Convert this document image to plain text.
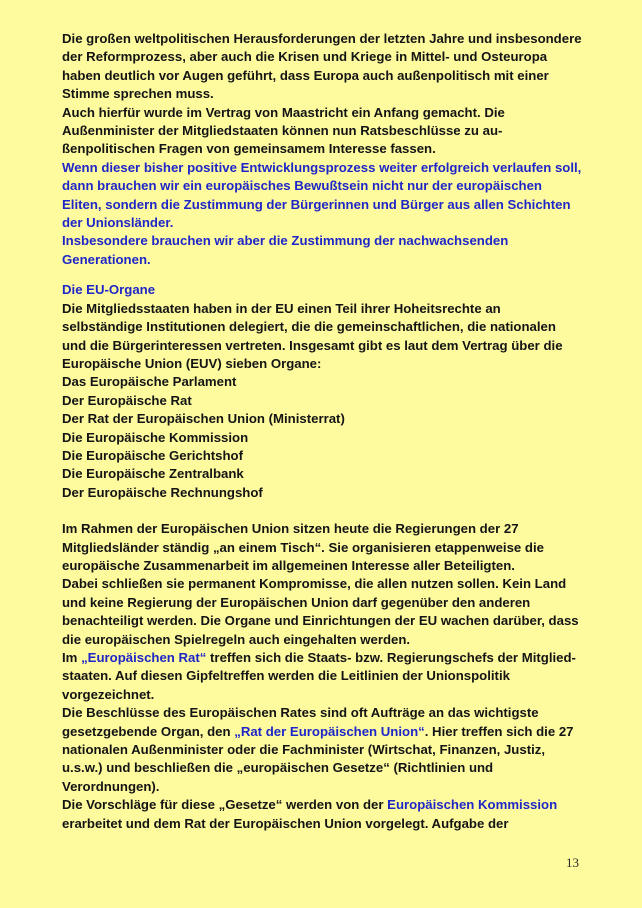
Die großen weltpolitischen Herausforderungen der letzten Jahre und insbesondere
der Reformprozess, aber auch die Krisen und Kriege in Mittel- und Osteuropa
haben deutlich vor Augen geführt, dass Europa auch außenpolitisch mit einer
Stimme sprechen muss.
Auch hierfür wurde im Vertrag von Maastricht ein Anfang gemacht. Die
Außenminister der Mitgliedstaaten können nun Ratsbeschlüsse zu au-
ßenpolitischen Fragen von gemeinsamem Interesse fassen.
Wenn dieser bisher positive Entwicklungsprozess weiter erfolgreich verlaufen soll,
dann brauchen wir ein europäisches Bewußtsein nicht nur der europäischen
Eliten, sondern die Zustimmung der Bürgerinnen und Bürger aus allen Schichten
der Unionsländer.
Insbesondere brauchen wir aber die Zustimmung der nachwachsenden
Generationen.
Die EU-Organe
Die Mitgliedsstaaten haben in der EU einen Teil ihrer Hoheitsrechte an
selbständige Institutionen delegiert, die die gemeinschaftlichen, die nationalen
und die Bürgerinteressen vertreten. Insgesamt gibt es laut dem Vertrag über die
Europäische Union (EUV) sieben Organe:
Das Europäische Parlament
Der Europäische Rat
Der Rat der Europäischen Union (Ministerrat)
Die Europäische Kommission
Die Europäische Gerichtshof
Die Europäische Zentralbank
Der Europäische Rechnungshof
Im Rahmen der Europäischen Union sitzen heute die Regierungen der 27
Mitgliedsländer ständig „an einem Tisch“. Sie organisieren etappenweise die
europäische Zusammenarbeit im allgemeinen Interesse aller Beteiligten.
Dabei schließen sie permanent Kompromisse, die allen nutzen sollen. Kein Land
und keine Regierung der Europäischen Union darf gegenüber den anderen
benachteiligt werden. Die Organe und Einrichtungen der EU wachen darüber, dass
die europäischen Spielregeln auch eingehalten werden.
Im „Europäischen Rat“ treffen sich die Staats- bzw. Regierungschefs der Mitglied-
staaten. Auf diesen Gipfeltreffen werden die Leitlinien der Unionspolitik
vorgezeichnet.
Die Beschlüsse des Europäischen Rates sind oft Aufträge an das wichtigste
gesetzgebende Organ, den „Rat der Europäischen Union“. Hier treffen sich die 27
nationalen Außenminister oder die Fachminister (Wirtschat, Finanzen, Justiz,
u.s.w.) und beschließen die „europäischen Gesetze“ (Richtlinien und
Verordnungen).
Die Vorschläge für diese „Gesetze“ werden von der Europäischen Kommission
erarbeitet und dem Rat der Europäischen Union vorgelegt. Aufgabe der
13
